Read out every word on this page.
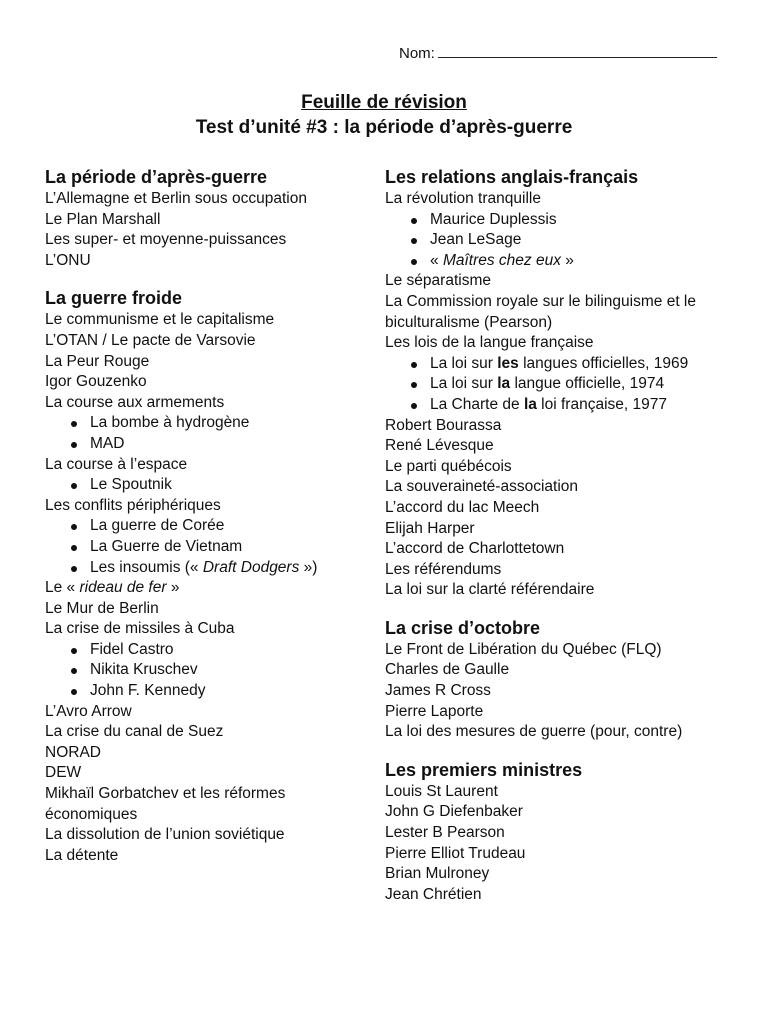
Nom:
Feuille de révision
Test d’unité #3 : la période d’après-guerre
La période d’après-guerre
L’Allemagne et Berlin sous occupation
Le Plan Marshall
Les super- et moyenne-puissances
L’ONU
La guerre froide
Le communisme et le capitalisme
L’OTAN / Le pacte de Varsovie
La Peur Rouge
Igor Gouzenko
La course aux armements
La bombe à hydrogène
MAD
La course à l’espace
Le Spoutnik
Les conflits périphériques
La guerre de Corée
La Guerre de Vietnam
Les insoumis (« Draft Dodgers »)
Le « rideau de fer »
Le Mur de Berlin
La crise de missiles à Cuba
Fidel Castro
Nikita Kruschev
John F. Kennedy
L’Avro Arrow
La crise du canal de Suez
NORAD
DEW
Mikhaïl Gorbatchev et les réformes économiques
La dissolution de l’union soviétique
La détente
Les relations anglais-français
La révolution tranquille
Maurice Duplessis
Jean LeSage
« Maîtres chez eux »
Le séparatisme
La Commission royale sur le bilinguisme et le biculturalisme (Pearson)
Les lois de la langue française
La loi sur les langues officielles, 1969
La loi sur la langue officielle, 1974
La Charte de la loi française, 1977
Robert Bourassa
René Lévesque
Le parti québécois
La souveraineté-association
L’accord du lac Meech
Elijah Harper
L’accord de Charlottetown
Les référendums
La loi sur la clarté référendaire
La crise d’octobre
Le Front de Libération du Québec (FLQ)
Charles de Gaulle
James R Cross
Pierre Laporte
La loi des mesures de guerre (pour, contre)
Les premiers ministres
Louis St Laurent
John G Diefenbaker
Lester B Pearson
Pierre Elliot Trudeau
Brian Mulroney
Jean Chrétien
